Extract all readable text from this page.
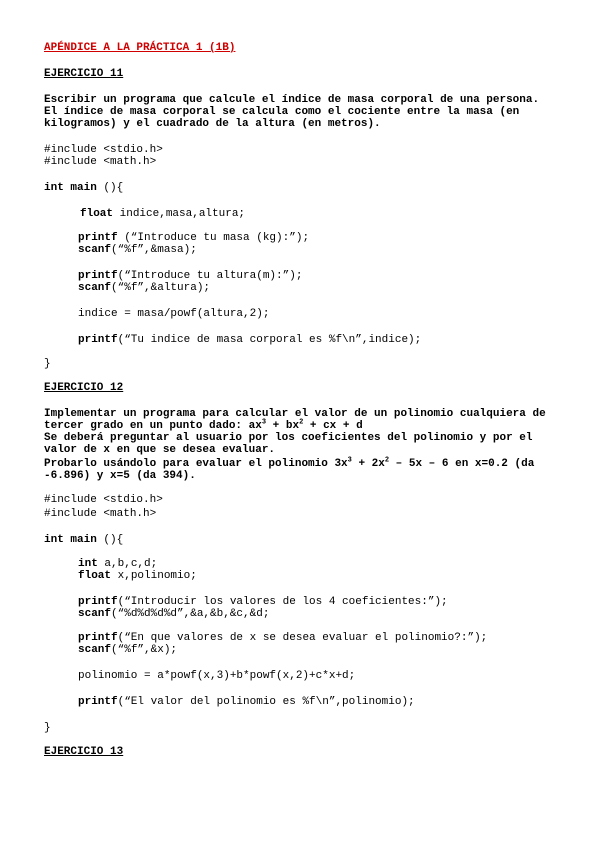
APÉNDICE A LA PRÁCTICA 1 (1B)
EJERCICIO 11
Escribir un programa que calcule el índice de masa corporal de una persona.
El índice de masa corporal se calcula como el cociente entre la masa (en
kilogramos) y el cuadrado de la altura (en metros).
#include <stdio.h>
#include <math.h>
int main (){
float indice,masa,altura;
printf (“Introduce tu masa (kg):”);
scanf(“%f”,&masa);
printf(“Introduce tu altura(m):”);
scanf(“%f”,&altura);
indice = masa/powf(altura,2);
printf(“Tu indice de masa corporal es %f\n”,indice);
}
EJERCICIO 12
Implementar un programa para calcular el valor de un polinomio cualquiera de
tercer grado en un punto dado: $ax^3 + bx^2$ + cx + d
Se deberá preguntar al usuario por los coeficientes del polinomio y por el
valor de x en que se desea evaluar.
Probarlo usándolo para evaluar el polinomio $3x^3 + 2x^2 - 5x - 6$ en x=0.2 (da
-6.896) y x=5 (da 394).
#include <stdio.h>
#include <math.h>
int main (){
int a,b,c,d;
float x,polinomio;
printf(“Introducir los valores de los 4 coeficientes:”);
scanf(“%d%d%d%d”,&a,&b,&c,&d;
printf(“En que valores de x se desea evaluar el polinomio?:”);
scanf(“%f”,&x);
polinomio = a*powf(x,3)+b*powf(x,2)+c*x+d;
printf(“El valor del polinomio es %f\n”,polinomio);
}
EJERCICIO 13
